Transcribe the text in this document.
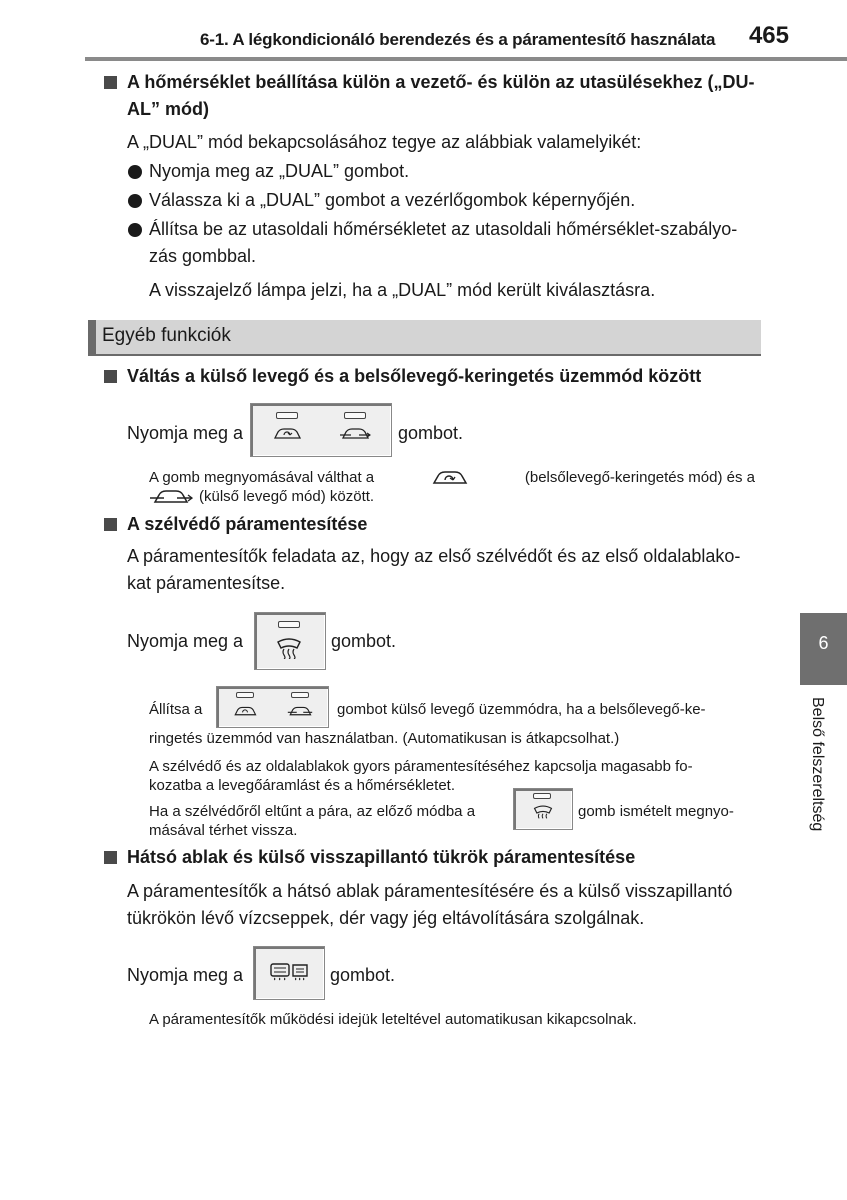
6-1. A légkondicionáló berendezés és a páramentesítő használata 465
6
Belső felszereltség
A hőmérséklet beállítása külön a vezető- és külön az utasülésekhez („DU-
AL” mód)
A „DUAL” mód bekapcsolásához tegye az alábbiak valamelyikét:
Nyomja meg az „DUAL” gombot.
Válassza ki a „DUAL” gombot a vezérlőgombok képernyőjén.
Állítsa be az utasoldali hőmérsékletet az utasoldali hőmérséklet-szabályo-
zás gombbal.
A visszajelző lámpa jelzi, ha a „DUAL” mód került kiválasztásra.
Egyéb funkciók
Váltás a külső levegő és a belsőlevegő-keringetés üzemmód között
Nyomja meg a	gombot.
A gomb megnyomásával válthat a	(belsőlevegő-keringetés mód) és a
(külső levegő mód) között.
A szélvédő páramentesítése
A páramentesítők feladata az, hogy az első szélvédőt és az első oldalablako-
kat páramentesítse.
Nyomja meg a	gombot.
Állítsa a	gombot külső levegő üzemmódra, ha a belsőlevegő-ke-
ringetés üzemmód van használatban. (Automatikusan is átkapcsolhat.)
A szélvédő és az oldalablakok gyors páramentesítéséhez kapcsolja magasabb fo-
kozatba a levegőáramlást és a hőmérsékletet.
Ha a szélvédőről eltűnt a pára, az előző módba a	gomb ismételt megnyo-
másával térhet vissza.
Hátsó ablak és külső visszapillantó tükrök páramentesítése
A páramentesítők a hátsó ablak páramentesítésére és a külső visszapillantó
tükrökön lévő vízcseppek, dér vagy jég eltávolítására szolgálnak.
Nyomja meg a	gombot.
A páramentesítők működési idejük leteltével automatikusan kikapcsolnak.
